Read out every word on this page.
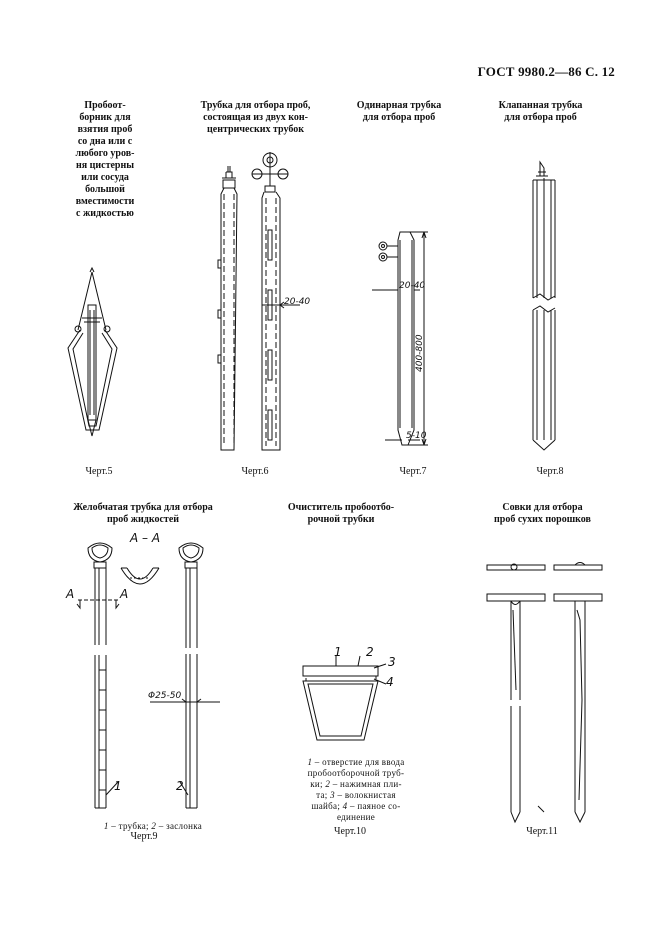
ГОСТ 9980.2—86 С. 12
Пробоот-
борник для
взятия проб
со дна или с
любого уров-
ня цистерны
или сосуда
большой
вместимости
с жидкостью
Трубка для отбора проб,
состоящая из двух кон-
центрических трубок
Одинарная трубка
для отбора проб
Клапанная трубка
для отбора проб
Желобчатая трубка для отбора
проб жидкостей
Очиститель пробоотбо-
рочной трубки
Совки для отбора
проб сухих порошков
Черт.5	Черт.6	Черт.7	Черт.8
Черт.9	Черт.10	Черт.11
1 – трубка; 2 – заслонка
1 – отверстие для ввода пробоотборочной труб-ки; 2 – нажимная пли-та; 3 – волокнистая шайба; 4 – паяное со-единение
20-40
20-40
400-800
5-10
А – А
А	А
1
Φ25-50
2
1 2
3
4
